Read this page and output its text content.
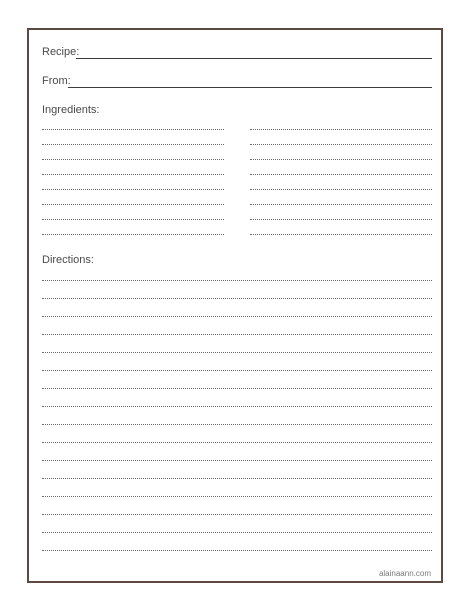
Recipe:
From:
Ingredients:
Directions:
alainaann.com
